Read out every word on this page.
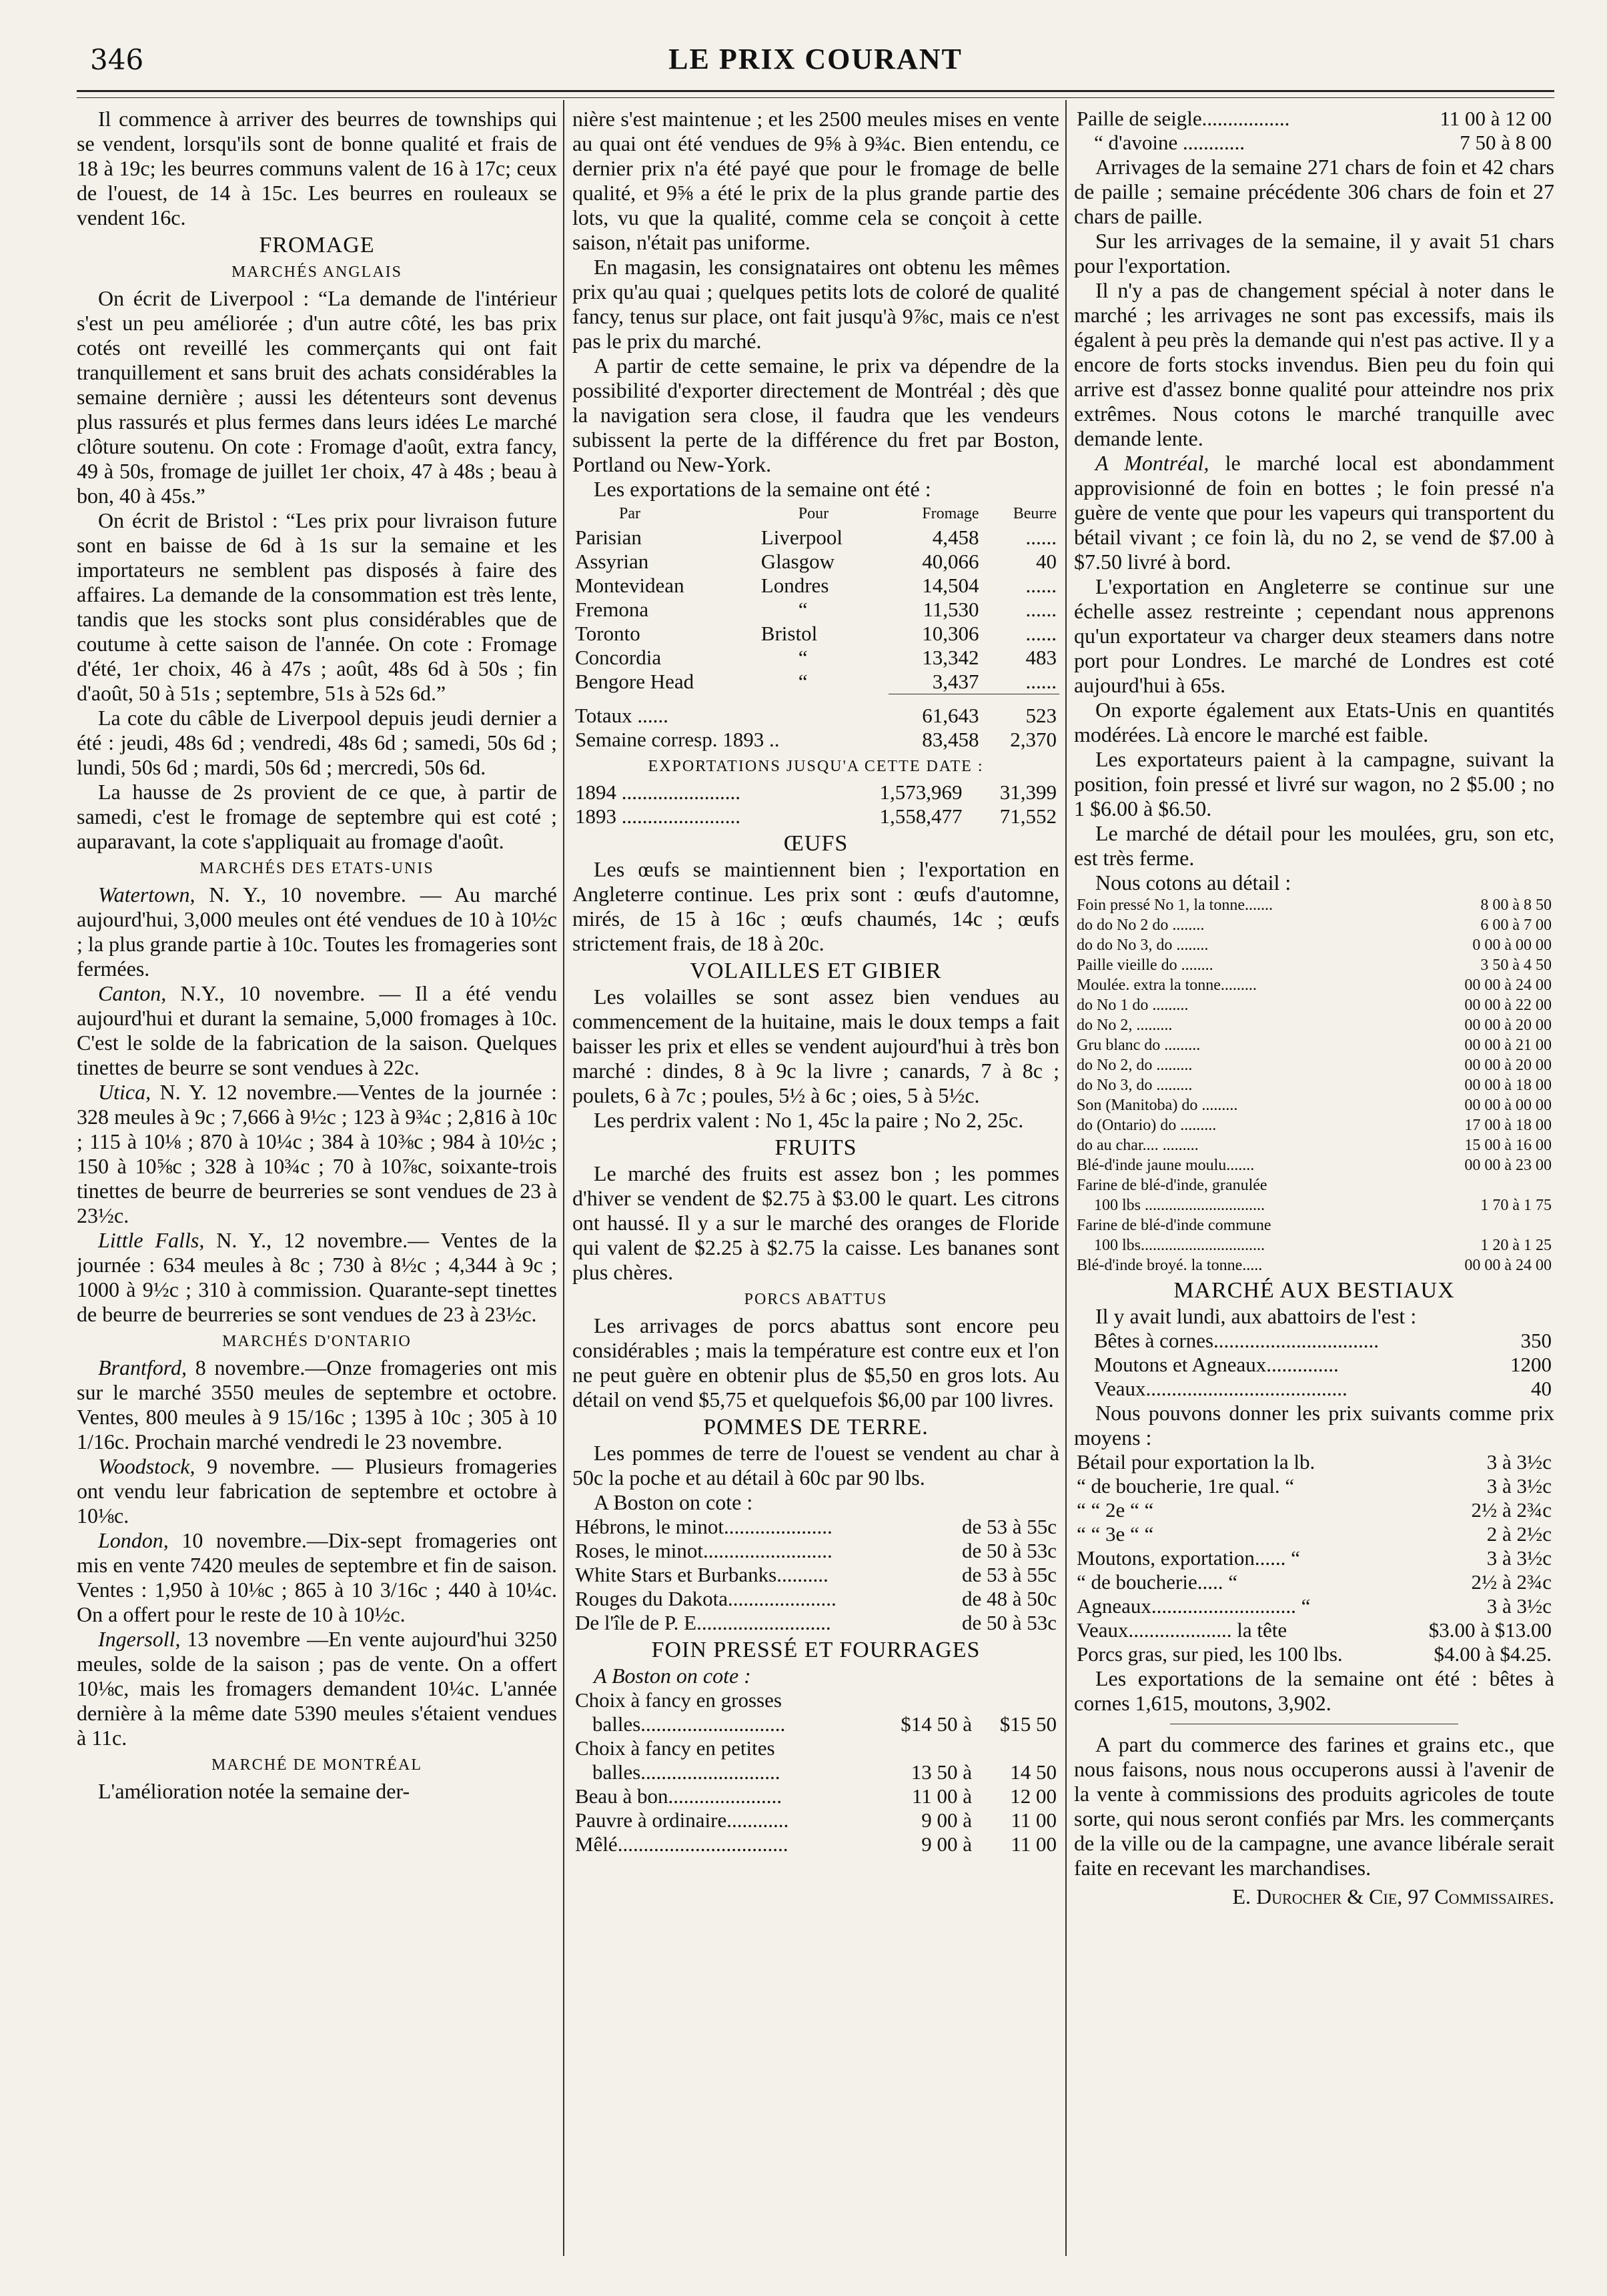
346	LE PRIX COURANT

Il commence à arriver des beurres de townships qui se vendent, lorsqu'ils sont de bonne qualité et frais de 18 à 19c; les beurres communs valent de 16 à 17c; ceux de l'ouest, de 14 à 15c. Les beurres en rouleaux se vendent 16c.

FROMAGE
MARCHÉS ANGLAIS

On écrit de Liverpool : “La demande de l'intérieur s'est un peu améliorée ; d'un autre côté, les bas prix cotés ont reveillé les commerçants qui ont fait tranquillement et sans bruit des achats considérables la semaine dernière ; aussi les détenteurs sont devenus plus rassurés et plus fermes dans leurs idées Le marché clôture soutenu. On cote : Fromage d'août, extra fancy, 49 à 50s, fromage de juillet 1er choix, 47 à 48s ; beau à bon, 40 à 45s.”

On écrit de Bristol : “Les prix pour livraison future sont en baisse de 6d à 1s sur la semaine et les importateurs ne semblent pas disposés à faire des affaires. La demande de la consommation est très lente, tandis que les stocks sont plus considérables que de coutume à cette saison de l'année. On cote : Fromage d'été, 1er choix, 46 à 47s ; août, 48s 6d à 50s ; fin d'août, 50 à 51s ; septembre, 51s à 52s 6d.”

La cote du câble de Liverpool depuis jeudi dernier a été : jeudi, 48s 6d ; vendredi, 48s 6d ; samedi, 50s 6d ; lundi, 50s 6d ; mardi, 50s 6d ; mercredi, 50s 6d.

La hausse de 2s provient de ce que, à partir de samedi, c'est le fromage de septembre qui est coté ; auparavant, la cote s'appliquait au fromage d'août.

MARCHÉS DES ETATS-UNIS

Watertown, N. Y., 10 novembre. — Au marché aujourd'hui, 3,000 meules ont été vendues de 10 à 10½c ; la plus grande partie à 10c. Toutes les fromageries sont fermées.

Canton, N.Y., 10 novembre. — Il a été vendu aujourd'hui et durant la semaine, 5,000 fromages à 10c. C'est le solde de la fabrication de la saison. Quelques tinettes de beurre se sont vendues à 22c.

Utica, N. Y. 12 novembre.—Ventes de la journée : 328 meules à 9c ; 7,666 à 9½c ; 123 à 9¾c ; 2,816 à 10c ; 115 à 10⅛ ; 870 à 10¼c ; 384 à 10⅜c ; 984 à 10½c ; 150 à 10⅝c ; 328 à 10¾c ; 70 à 10⅞c, soixante-trois tinettes de beurre de beurreries se sont vendues de 23 à 23½c.

Little Falls, N. Y., 12 novembre.— Ventes de la journée : 634 meules à 8c ; 730 à 8½c ; 4,344 à 9c ; 1000 à 9½c ; 310 à commission. Quarante-sept tinettes de beurre de beurreries se sont vendues de 23 à 23½c.

MARCHÉS D'ONTARIO

Brantford, 8 novembre.—Onze fromageries ont mis sur le marché 3550 meules de septembre et octobre. Ventes, 800 meules à 9 15/16c ; 1395 à 10c ; 305 à 10 1/16c. Prochain marché vendredi le 23 novembre.

Woodstock, 9 novembre. — Plusieurs fromageries ont vendu leur fabrication de septembre et octobre à 10⅛c.

London, 10 novembre.—Dix-sept fromageries ont mis en vente 7420 meules de septembre et fin de saison. Ventes : 1,950 à 10⅛c ; 865 à 10 3/16c ; 440 à 10¼c. On a offert pour le reste de 10 à 10½c.

Ingersoll, 13 novembre —En vente aujourd'hui 3250 meules, solde de la saison ; pas de vente. On a offert 10⅛c, mais les fromagers demandent 10¼c. L'année dernière à la même date 5390 meules s'étaient vendues à 11c.

MARCHÉ DE MONTRÉAL

L'amélioration notée la semaine der-

nière s'est maintenue ; et les 2500 meules mises en vente au quai ont été vendues de 9⅝ à 9¾c. Bien entendu, ce dernier prix n'a été payé que pour le fromage de belle qualité, et 9⅝ a été le prix de la plus grande partie des lots, vu que la qualité, comme cela se conçoit à cette saison, n'était pas uniforme.

En magasin, les consignataires ont obtenu les mêmes prix qu'au quai ; quelques petits lots de coloré de qualité fancy, tenus sur place, ont fait jusqu'à 9⅞c, mais ce n'est pas le prix du marché.

A partir de cette semaine, le prix va dépendre de la possibilité d'exporter directement de Montréal ; dès que la navigation sera close, il faudra que les vendeurs subissent la perte de la différence du fret par Boston, Portland ou New-York.

Les exportations de la semaine ont été :

Par	Pour	Fromage	Beurre
Parisian	Liverpool	4,458	......
Assyrian	Glasgow	40,066	40
Montevidean	Londres	14,504	......
Fremona	“	11,530	......
Toronto	Bristol	10,306	......
Concordia	“	13,342	483
Bengore Head	“	3,437	......
Totaux ......		61,643	523
Semaine corresp. 1893 ..		83,458	2,370
EXPORTATIONS JUSQU'A CETTE DATE :
1894 .......................	1,573,969	31,399
1893 .......................	1,558,477	71,552
ŒUFS

Les œufs se maintiennent bien ; l'exportation en Angleterre continue. Les prix sont : œufs d'automne, mirés, de 15 à 16c ; œufs chaumés, 14c ; œufs strictement frais, de 18 à 20c.

VOLAILLES ET GIBIER

Les volailles se sont assez bien vendues au commencement de la huitaine, mais le doux temps a fait baisser les prix et elles se vendent aujourd'hui à très bon marché : dindes, 8 à 9c la livre ; canards, 7 à 8c ; poulets, 6 à 7c ; poules, 5½ à 6c ; oies, 5 à 5½c.

Les perdrix valent : No 1, 45c la paire ; No 2, 25c.

FRUITS

Le marché des fruits est assez bon ; les pommes d'hiver se vendent de $2.75 à $3.00 le quart. Les citrons ont haussé. Il y a sur le marché des oranges de Floride qui valent de $2.25 à $2.75 la caisse. Les bananes sont plus chères.

PORCS ABATTUS

Les arrivages de porcs abattus sont encore peu considérables ; mais la température est contre eux et l'on ne peut guère en obtenir plus de $5,50 en gros lots. Au détail on vend $5,75 et quelquefois $6,00 par 100 livres.

POMMES DE TERRE.

Les pommes de terre de l'ouest se vendent au char à 50c la poche et au détail à 60c par 90 lbs.

A Boston on cote :

Hébrons, le minot.....................	de 53 à 55c
Roses, le minot.........................	de 50 à 53c
White Stars et Burbanks..........	de 53 à 55c
Rouges du Dakota.....................	de 48 à 50c
De l'île de P. E..........................	de 50 à 53c
FOIN PRESSÉ ET FOURRAGES

A Boston on cote :

Choix à fancy en grosses		
balles............................	$14 50 à	$15 50
Choix à fancy en petites		
balles...........................	13 50 à	14 50
Beau à bon......................	11 00 à	12 00
Pauvre à ordinaire............	9 00 à	11 00
Mêlé.................................	9 00 à	11 00
Paille de seigle.................	11 00 à 12 00
“ d'avoine ............	7 50 à 8 00

Arrivages de la semaine 271 chars de foin et 42 chars de paille ; semaine précédente 306 chars de foin et 27 chars de paille.

Sur les arrivages de la semaine, il y avait 51 chars pour l'exportation.

Il n'y a pas de changement spécial à noter dans le marché ; les arrivages ne sont pas excessifs, mais ils égalent à peu près la demande qui n'est pas active. Il y a encore de forts stocks invendus. Bien peu du foin qui arrive est d'assez bonne qualité pour atteindre nos prix extrêmes. Nous cotons le marché tranquille avec demande lente.

A Montréal, le marché local est abondamment approvisionné de foin en bottes ; le foin pressé n'a guère de vente que pour les vapeurs qui transportent du bétail vivant ; ce foin là, du no 2, se vend de $7.00 à $7.50 livré à bord.

L'exportation en Angleterre se continue sur une échelle assez restreinte ; cependant nous apprenons qu'un exportateur va charger deux steamers dans notre port pour Londres. Le marché de Londres est coté aujourd'hui à 65s.

On exporte également aux Etats-Unis en quantités modérées. Là encore le marché est faible.

Les exportateurs paient à la campagne, suivant la position, foin pressé et livré sur wagon, no 2 $5.00 ; no 1 $6.00 à $6.50.

Le marché de détail pour les moulées, gru, son etc, est très ferme.

Nous cotons au détail :

Foin pressé No 1, la tonne.......	8 00 à 8 50
do do No 2 do ........	6 00 à 7 00
do do No 3, do ........	0 00 à 00 00
Paille vieille do ........	3 50 à 4 50
Moulée. extra la tonne.........	00 00 à 24 00
do No 1 do .........	00 00 à 22 00
do No 2, .........	00 00 à 20 00
Gru blanc do .........	00 00 à 21 00
do No 2, do .........	00 00 à 20 00
do No 3, do .........	00 00 à 18 00
Son (Manitoba) do .........	00 00 à 00 00
do (Ontario) do .........	17 00 à 18 00
do au char.... .........	15 00 à 16 00
Blé-d'inde jaune moulu.......	00 00 à 23 00
Farine de blé-d'inde, granulée	
100 lbs ..............................	1 70 à 1 75
Farine de blé-d'inde commune	
100 lbs...............................	1 20 à 1 25
Blé-d'inde broyé. la tonne.....	00 00 à 24 00
MARCHÉ AUX BESTIAUX

Il y avait lundi, aux abattoirs de l'est :

Bêtes à cornes................................	350
Moutons et Agneaux..............	1200
Veaux.......................................	40

Nous pouvons donner les prix suivants comme prix moyens :

Bétail pour exportation la lb.	3 à 3½c
“ de boucherie, 1re qual. “	3 à 3½c
“ “ 2e “ “	2½ à 2¾c
“ “ 3e “ “	2 à 2½c
Moutons, exportation...... “	3 à 3½c
“ de boucherie..... “	2½ à 2¾c
Agneaux............................ “	3 à 3½c
Veaux.................... la tête	$3.00 à $13.00
Porcs gras, sur pied, les 100 lbs.	$4.00 à $4.25.

Les exportations de la semaine ont été : bêtes à cornes 1,615, moutons, 3,902.

A part du commerce des farines et grains etc., que nous faisons, nous nous occuperons aussi à l'avenir de la vente à commissions des produits agricoles de toute sorte, qui nous seront confiés par Mrs. les commerçants de la ville ou de la campagne, une avance libérale serait faite en recevant les marchandises.

E. Durocher & Cie, 97 Commissaires.
